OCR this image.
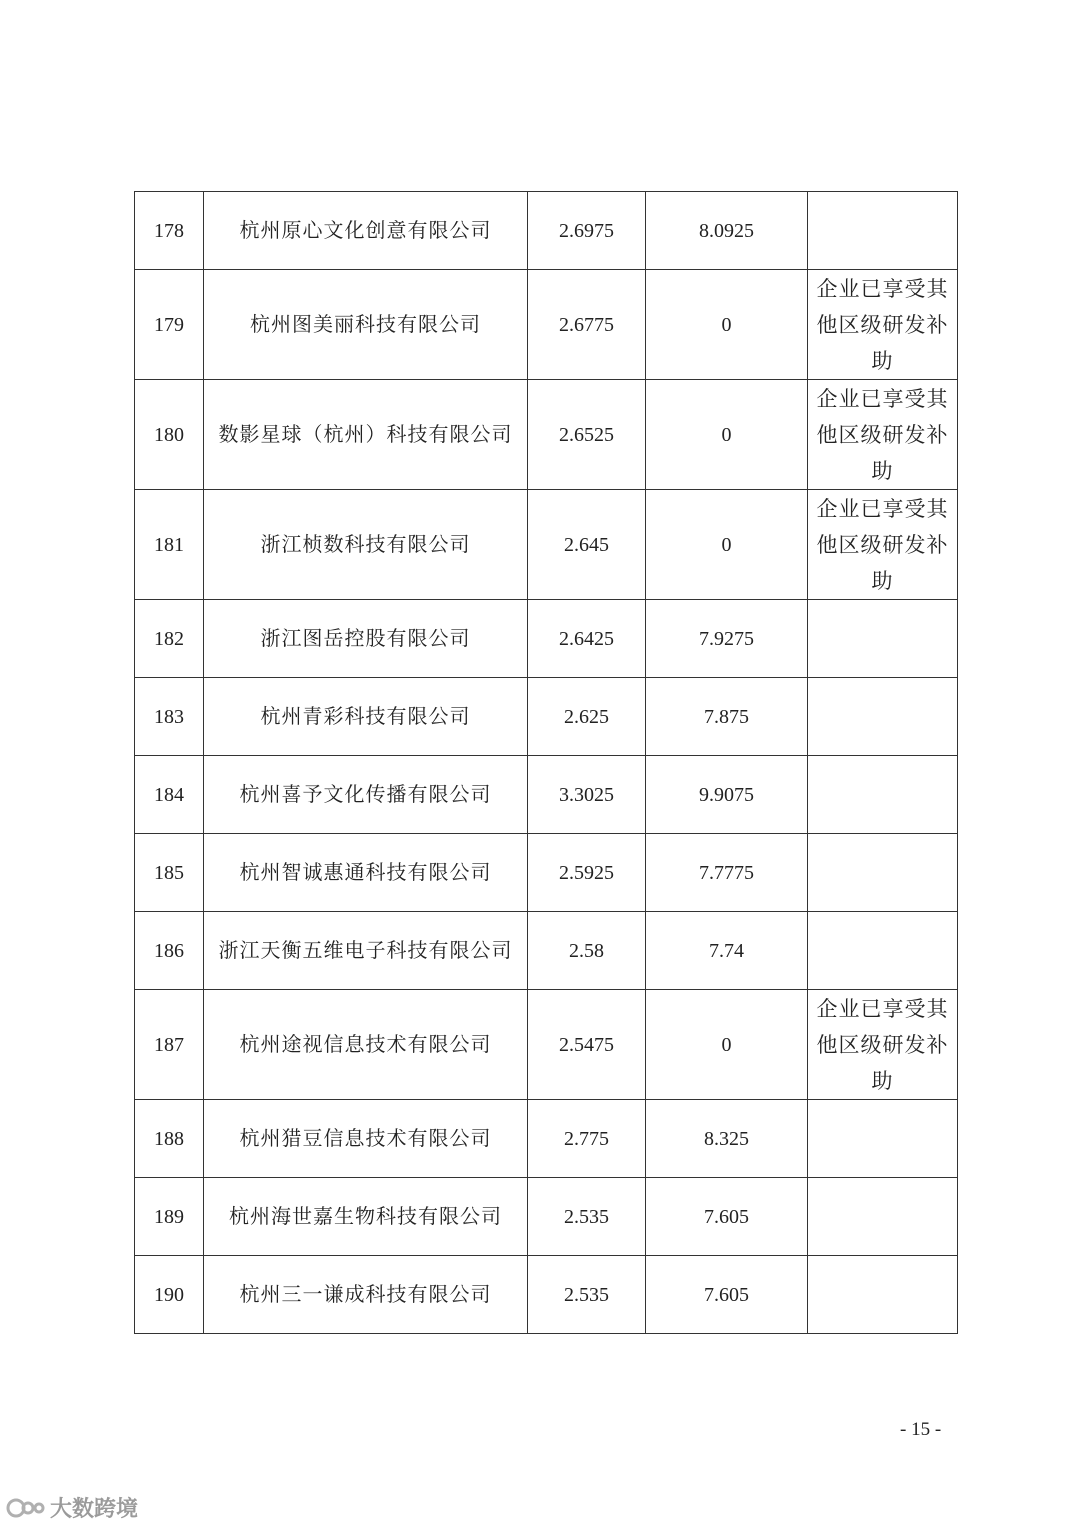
178	杭州原心文化创意有限公司	2.6975	8.0925	
179	杭州图美丽科技有限公司	2.6775	0	企业已享受其他区级研发补助
180	数影星球（杭州）科技有限公司	2.6525	0	企业已享受其他区级研发补助
181	浙江桢数科技有限公司	2.645	0	企业已享受其他区级研发补助
182	浙江图岳控股有限公司	2.6425	7.9275	
183	杭州青彩科技有限公司	2.625	7.875	
184	杭州喜予文化传播有限公司	3.3025	9.9075	
185	杭州智诚惠通科技有限公司	2.5925	7.7775	
186	浙江天衡五维电子科技有限公司	2.58	7.74	
187	杭州途视信息技术有限公司	2.5475	0	企业已享受其他区级研发补助
188	杭州猎豆信息技术有限公司	2.775	8.325	
189	杭州海世嘉生物科技有限公司	2.535	7.605	
190	杭州三一谦成科技有限公司	2.535	7.605	
- 15 -
大数跨境
